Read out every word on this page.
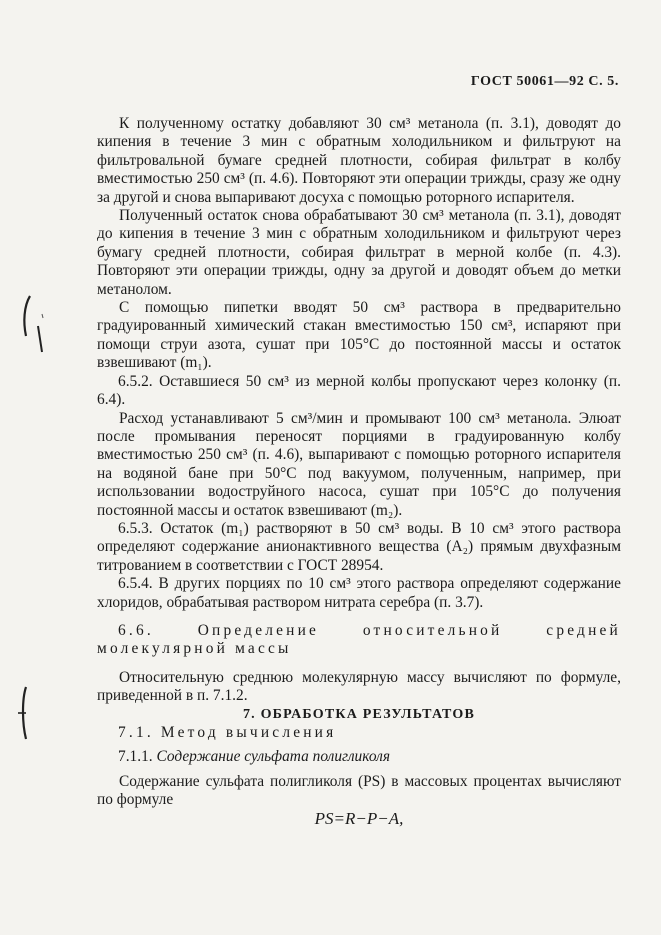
ГОСТ 50061—92 С. 5.

К полученному остатку добавляют 30 см³ метанола (п. 3.1), доводят до кипения в течение 3 мин с обратным холодильником и фильтруют на фильтровальной бумаге средней плотности, собирая фильтрат в колбу вместимостью 250 см³ (п. 4.6). Повторяют эти операции трижды, сразу же одну за другой и снова выпаривают досуха с помощью роторного испарителя.

Полученный остаток снова обрабатывают 30 см³ метанола (п. 3.1), доводят до кипения в течение 3 мин с обратным холодильником и фильтруют через бумагу средней плотности, собирая фильтрат в мерной колбе (п. 4.3). Повторяют эти операции трижды, одну за другой и доводят объем до метки метанолом.

С помощью пипетки вводят 50 см³ раствора в предварительно градуированный химический стакан вместимостью 150 см³, испаряют при помощи струи азота, сушат при 105°С до постоянной массы и остаток взвешивают (m₁).

6.5.2. Оставшиеся 50 см³ из мерной колбы пропускают через колонку (п. 6.4).

Расход устанавливают 5 см³/мин и промывают 100 см³ метанола. Элюат после промывания переносят порциями в градуированную колбу вместимостью 250 см³ (п. 4.6), выпаривают с помощью роторного испарителя на водяной бане при 50°С под вакуумом, полученным, например, при использовании водоструйного насоса, сушат при 105°С до получения постоянной массы и остаток взвешивают (m₂).

6.5.3. Остаток (m₁) растворяют в 50 см³ воды. В 10 см³ этого раствора определяют содержание анионактивного вещества (A₂) прямым двухфазным титрованием в соответствии с ГОСТ 28954.

6.5.4. В других порциях по 10 см³ этого раствора определяют содержание хлоридов, обрабатывая раствором нитрата серебра (п. 3.7).

6.6. Определение относительной средней молекулярной массы

Относительную среднюю молекулярную массу вычисляют по формуле, приведенной в п. 7.1.2.

7. ОБРАБОТКА РЕЗУЛЬТАТОВ

7.1. Метод вычисления

7.1.1. Содержание сульфата полигликоля

Содержание сульфата полигликоля (PS) в массовых процентах вычисляют по формуле

PS=R−P−A,
